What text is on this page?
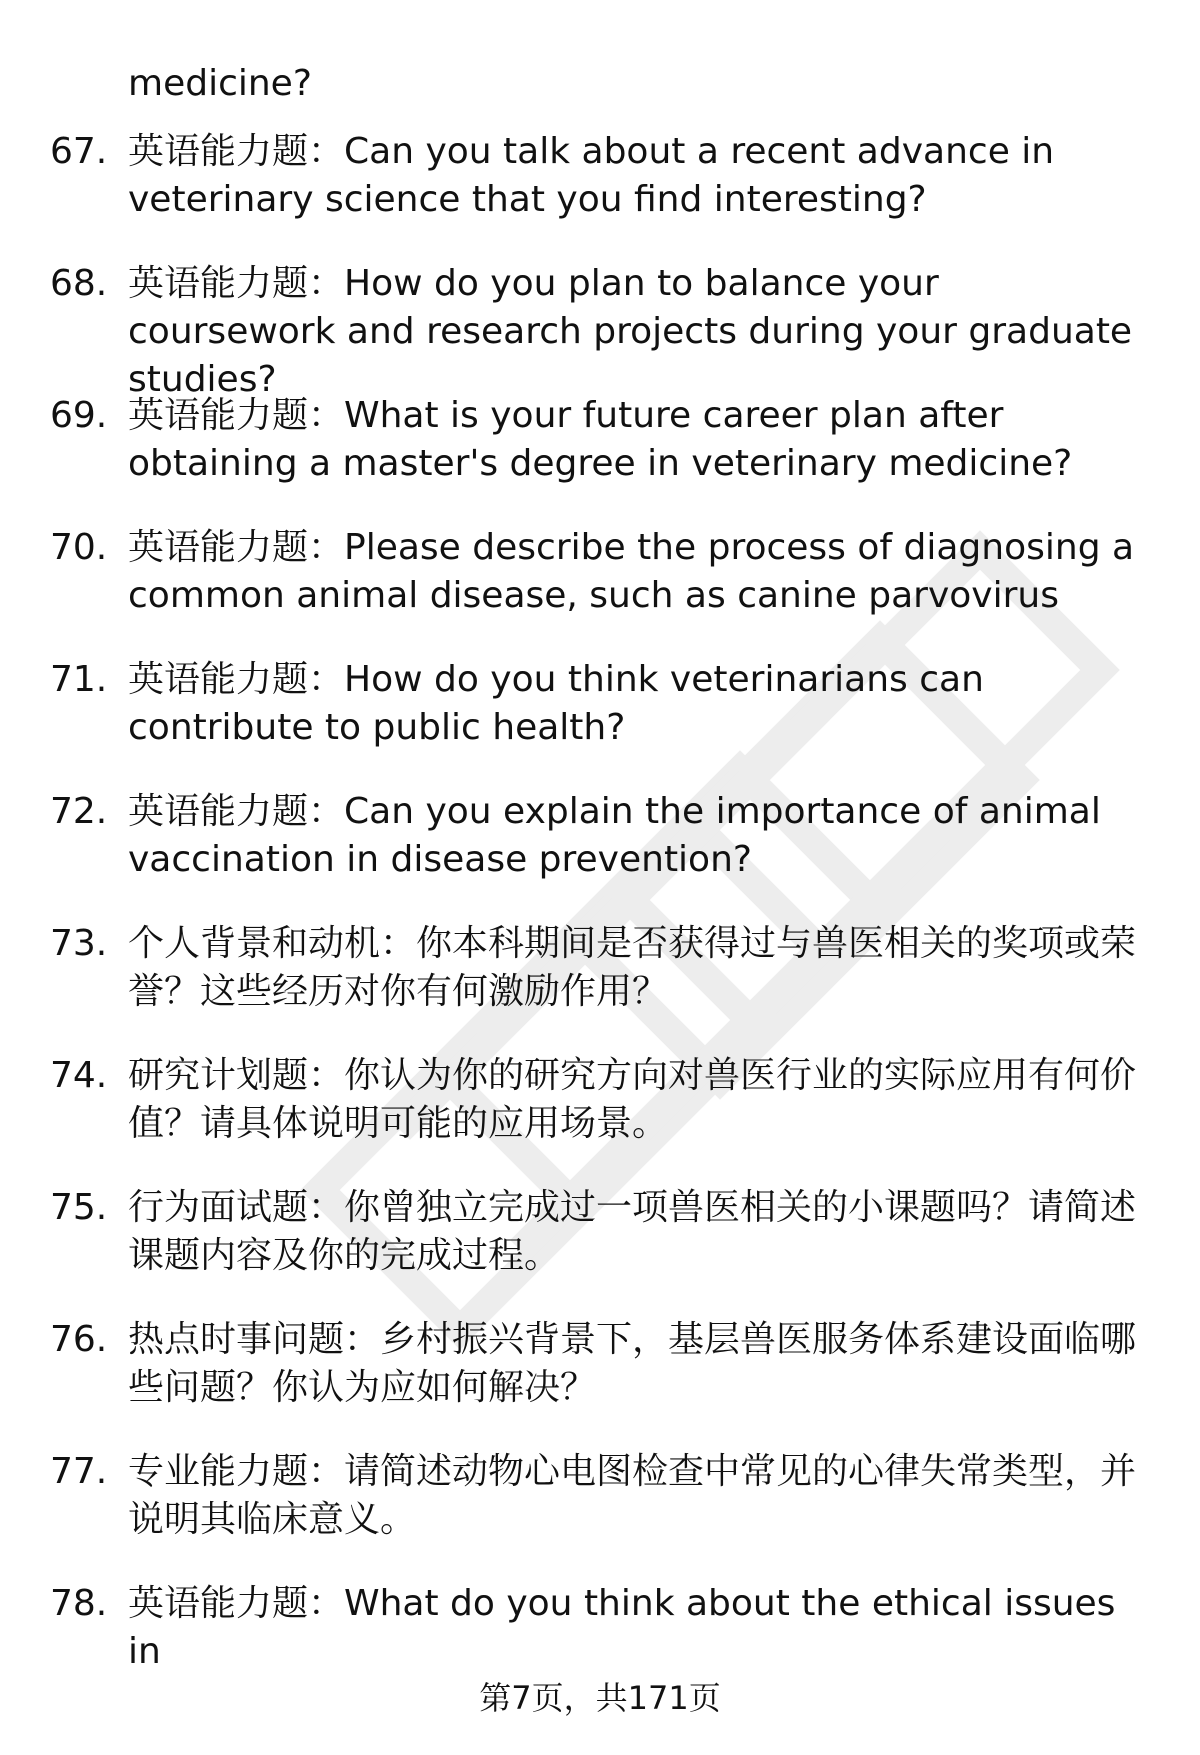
medicine?

67. 英语能力题：Can you talk about a recent advance in veterinary science that you find interesting?
68. 英语能力题：How do you plan to balance your coursework and research projects during your graduate studies?
69. 英语能力题：What is your future career plan after obtaining a master's degree in veterinary medicine?
70. 英语能力题：Please describe the process of diagnosing a common animal disease, such as canine parvovirus
71. 英语能力题：How do you think veterinarians can contribute to public health?
72. 英语能力题：Can you explain the importance of animal vaccination in disease prevention?
73. 个人背景和动机：你本科期间是否获得过与兽医相关的奖项或荣誉？这些经历对你有何激励作用？
74. 研究计划题：你认为你的研究方向对兽医行业的实际应用有何价值？请具体说明可能的应用场景。
75. 行为面试题：你曾独立完成过一项兽医相关的小课题吗？请简述课题内容及你的完成过程。
76. 热点时事问题：乡村振兴背景下，基层兽医服务体系建设面临哪些问题？你认为应如何解决？
77. 专业能力题：请简述动物心电图检查中常见的心律失常类型，并说明其临床意义。
78. 英语能力题：What do you think about the ethical issues in
第7页，共171页
